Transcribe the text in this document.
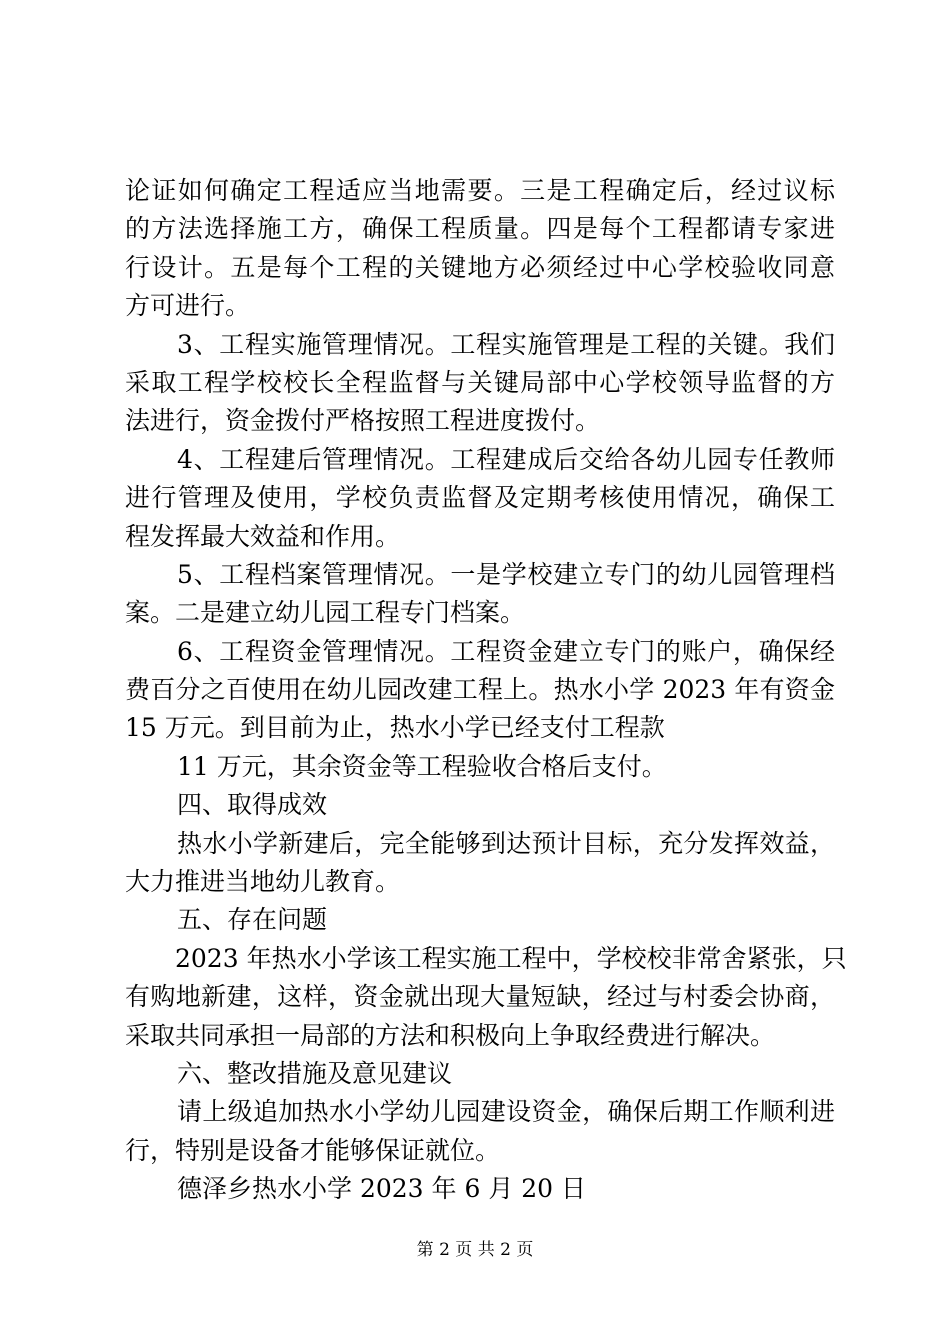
论证如何确定工程适应当地需要。三是工程确定后，经过议标
的方法选择施工方，确保工程质量。四是每个工程都请专家进
行设计。五是每个工程的关键地方必须经过中心学校验收同意
方可进行。
3、工程实施管理情况。工程实施管理是工程的关键。我们
采取工程学校校长全程监督与关键局部中心学校领导监督的方
法进行，资金拨付严格按照工程进度拨付。
4、工程建后管理情况。工程建成后交给各幼儿园专任教师
进行管理及使用，学校负责监督及定期考核使用情况，确保工
程发挥最大效益和作用。
5、工程档案管理情况。一是学校建立专门的幼儿园管理档
案。二是建立幼儿园工程专门档案。
6、工程资金管理情况。工程资金建立专门的账户，确保经
费百分之百使用在幼儿园改建工程上。热水小学 2023 年有资金
15 万元。到目前为止，热水小学已经支付工程款
11 万元，其余资金等工程验收合格后支付。
四、取得成效
热水小学新建后，完全能够到达预计目标，充分发挥效益，
大力推进当地幼儿教育。
五、存在问题
2023 年热水小学该工程实施工程中，学校校非常舍紧张，只
有购地新建，这样，资金就出现大量短缺，经过与村委会协商，
采取共同承担一局部的方法和积极向上争取经费进行解决。
六、整改措施及意见建议
请上级追加热水小学幼儿园建设资金，确保后期工作顺利进
行，特别是设备才能够保证就位。
德泽乡热水小学 2023 年 6 月 20 日
第 2 页 共 2 页
